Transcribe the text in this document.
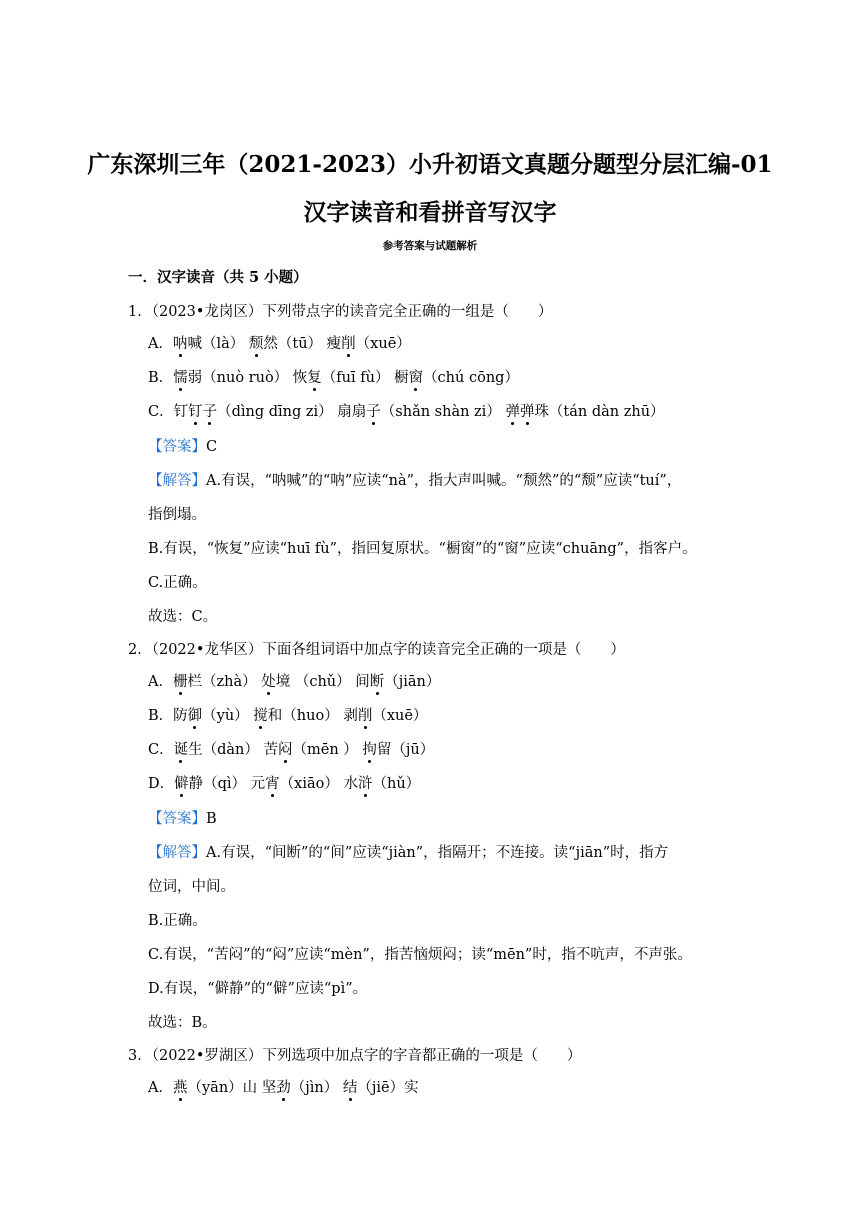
广东深圳三年（2021-2023）小升初语文真题分题型分层汇编-01
汉字读音和看拼音写汉字
参考答案与试题解析
一．汉字读音（共 5 小题）
1．（2023•龙岗区）下列带点字的读音完全正确的一组是（　　）
A．呐喊（là） 颓然（tū） 瘦削（xuē）
B．懦弱（nuò ruò） 恢复（fuī fù） 橱窗（chú cōng）
C．钉钉子（dìng dīng zi） 扇扇子（shǎn shàn zi） 弹弹珠（tán dàn zhū）
【答案】C
【解答】A.有误，“呐喊”的“呐”应读“nà”，指大声叫喊。“颓然”的“颓”应读“tuí”，
指倒塌。
B.有误，“恢复”应读“huī fù”，指回复原状。“橱窗”的“窗”应读“chuāng”，指客户。
C.正确。
故选：C。
2．（2022•龙华区）下面各组词语中加点字的读音完全正确的一项是（　　）
A．栅栏（zhà） 处境 （chǔ） 间断（jiān）
B．防御（yù） 搅和（huo） 剥削（xuē）
C．诞生（dàn） 苦闷（mēn ） 拘留（jū）
D．僻静（qì） 元宵（xiāo） 水浒（hǔ）
【答案】B
【解答】A.有误，“间断”的“间”应读“jiàn”，指隔开；不连接。读“jiān”时，指方
位词，中间。
B.正确。
C.有误，“苦闷”的“闷”应读“mèn”，指苦恼烦闷；读“mēn”时，指不吭声，不声张。
D.有误，“僻静”的“僻”应读“pì”。
故选：B。
3．（2022•罗湖区）下列选项中加点字的字音都正确的一项是（　　）
A．燕（yān）山 坚劲（jìn） 结（jiē）实
